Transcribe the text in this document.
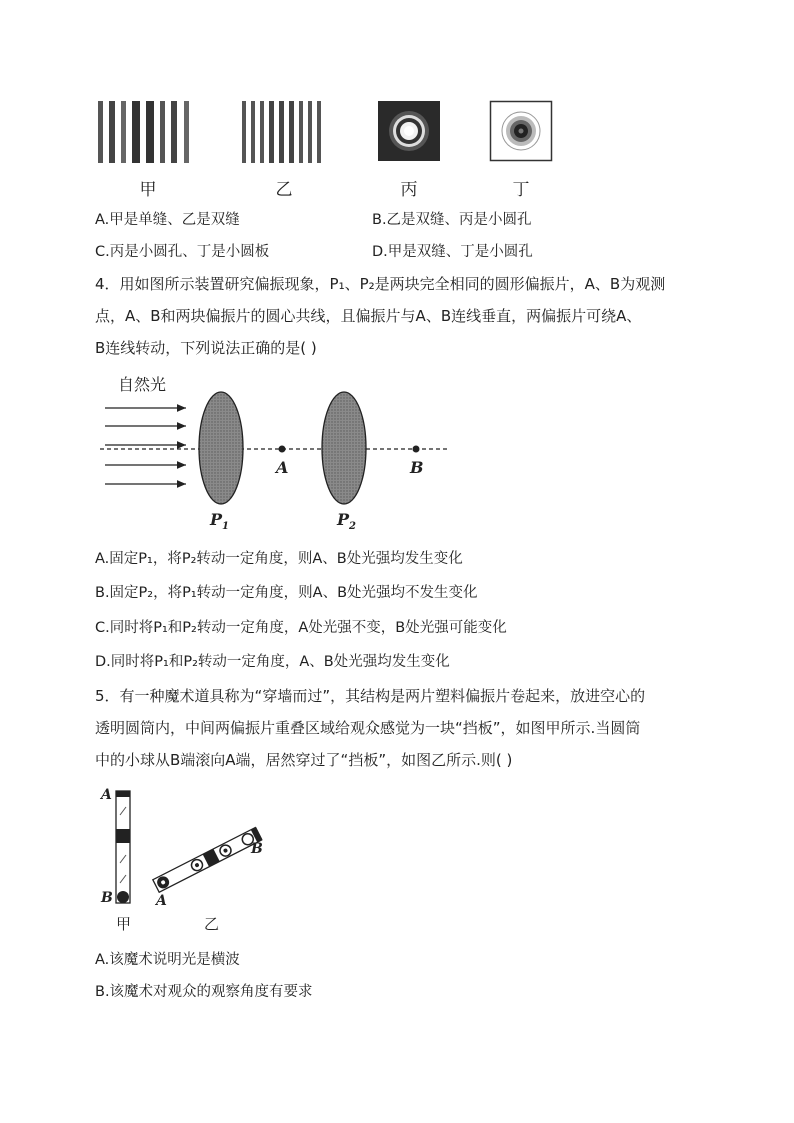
甲	乙	丙	丁
A.甲是单缝、乙是双缝	B.乙是双缝、丙是小圆孔
C.丙是小圆孔、丁是小圆板	D.甲是双缝、丁是小圆孔
4．用如图所示装置研究偏振现象，P₁、P₂是两块完全相同的圆形偏振片，A、B为观测
点，A、B和两块偏振片的圆心共线，且偏振片与A、B连线垂直，两偏振片可绕A、
B连线转动，下列说法正确的是( )
自然光
A	B
$P_1$	$P_2$
A.固定P₁，将P₂转动一定角度，则A、B处光强均发生变化
B.固定P₂，将P₁转动一定角度，则A、B处光强均不发生变化
C.同时将P₁和P₂转动一定角度，A处光强不变，B处光强可能变化
D.同时将P₁和P₂转动一定角度，A、B处光强均发生变化
5．有一种魔术道具称为“穿墙而过”，其结构是两片塑料偏振片卷起来，放进空心的
透明圆筒内，中间两偏振片重叠区域给观众感觉为一块“挡板”，如图甲所示.当圆筒
中的小球从B端滚向A端，居然穿过了“挡板”，如图乙所示.则( )
A
B
甲
A
B
乙
A.该魔术说明光是横波
B.该魔术对观众的观察角度有要求
